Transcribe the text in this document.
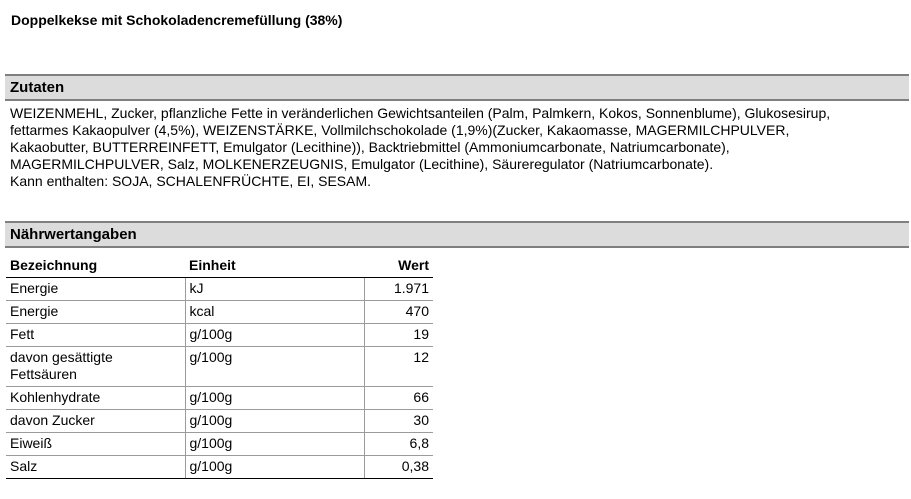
Doppelkekse mit Schokoladencremefüllung (38%)
Zutaten
WEIZENMEHL, Zucker, pflanzliche Fette in veränderlichen Gewichtsanteilen (Palm, Palmkern, Kokos, Sonnenblume), Glukosesirup,
fettarmes Kakaopulver (4,5%), WEIZENSTÄRKE, Vollmilchschokolade (1,9%)(Zucker, Kakaomasse, MAGERMILCHPULVER,
Kakaobutter, BUTTERREINFETT, Emulgator (Lecithine)), Backtriebmittel (Ammoniumcarbonate, Natriumcarbonate),
MAGERMILCHPULVER, Salz, MOLKENERZEUGNIS, Emulgator (Lecithine), Säureregulator (Natriumcarbonate).
Kann enthalten: SOJA, SCHALENFRÜCHTE, EI, SESAM.
Nährwertangaben
Bezeichnung	Einheit	Wert
Energie	kJ	1.971
Energie	kcal	470
Fett	g/100g	19
davon gesättigte Fettsäuren	g/100g	12
Kohlenhydrate	g/100g	66
davon Zucker	g/100g	30
Eiweiß	g/100g	6,8
Salz	g/100g	0,38
